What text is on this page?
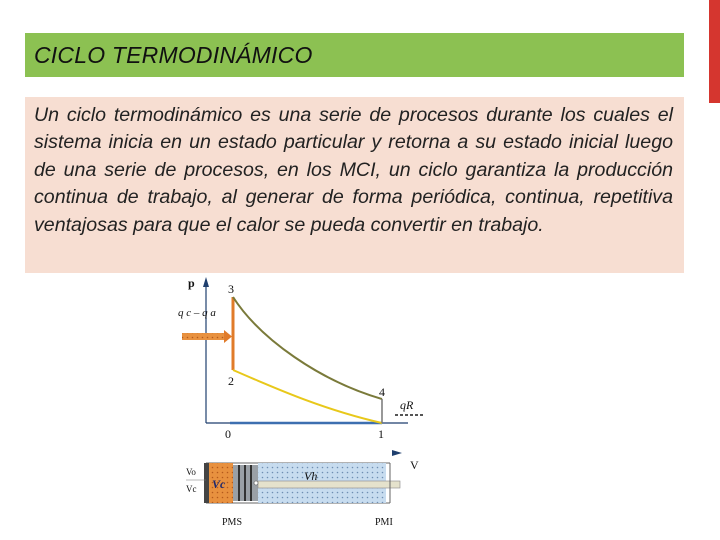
CICLO TERMODINÁMICO

Un ciclo termodinámico es una serie de procesos durante los cuales el sistema inicia en un estado particular y retorna a su estado inicial luego de una serie de procesos, en los MCI, un ciclo garantiza la producción continua de trabajo, al generar de forma periódica, continua, repetitiva ventajosas para que el calor se pueda convertir en trabajo.

p
V
q c – q a
qR
3
2
4
0	1
Vo
Vc Vc
Vh
PMS	PMI
